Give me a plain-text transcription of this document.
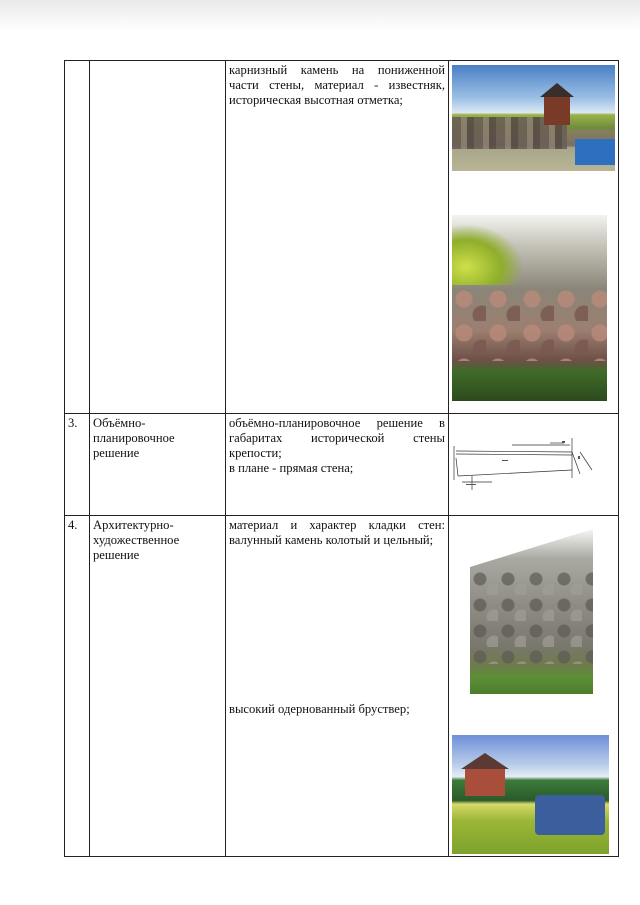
		карнизный камень на пониженной части стены, материал - известняк, историческая высотная отметка;	

3.	Объёмно-планировочное решение	объёмно-планировочное решение в габаритах исторической стены крепости;
в плане - прямая стена;

4.	Архитектурно-художественное решение	материал и характер кладки стен: валунный камень колотый и цельный;
высокий одернованный бруствер;	
